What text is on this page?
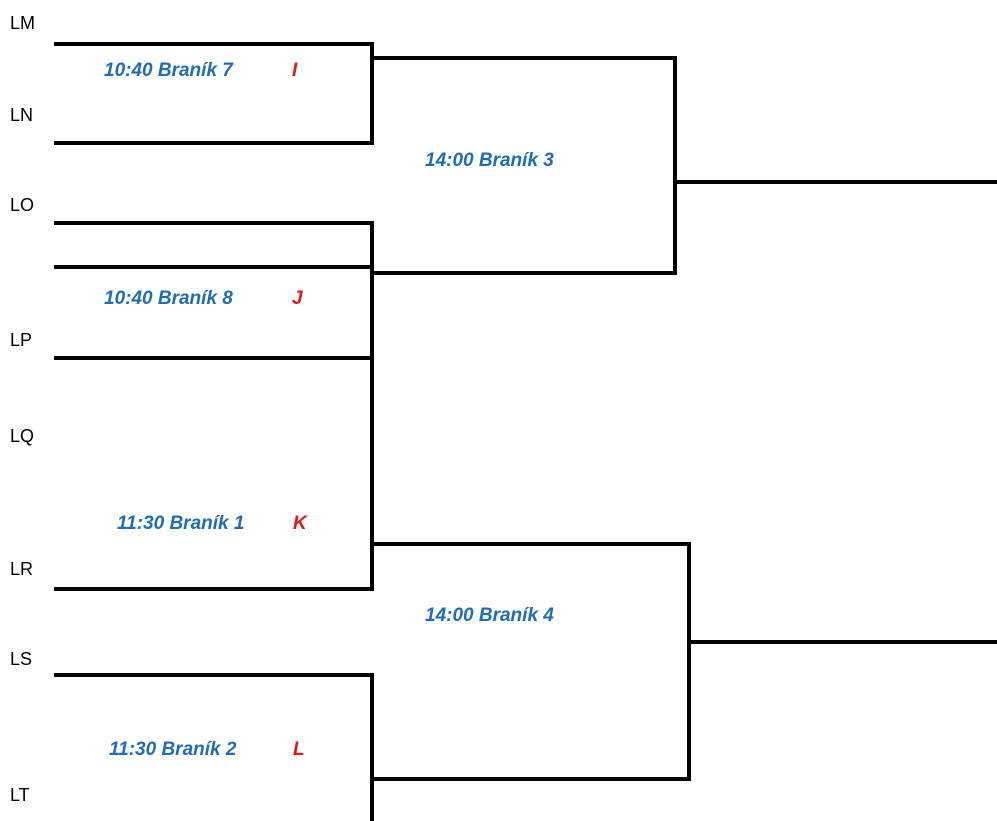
LM
LN
LO
LP
LQ
LR
LS
LT
10:40 Braník 7	I
10:40 Braník 8	J
11:30 Braník 1	K
11:30 Braník 2	L
14:00 Braník 3
14:00 Braník 4
